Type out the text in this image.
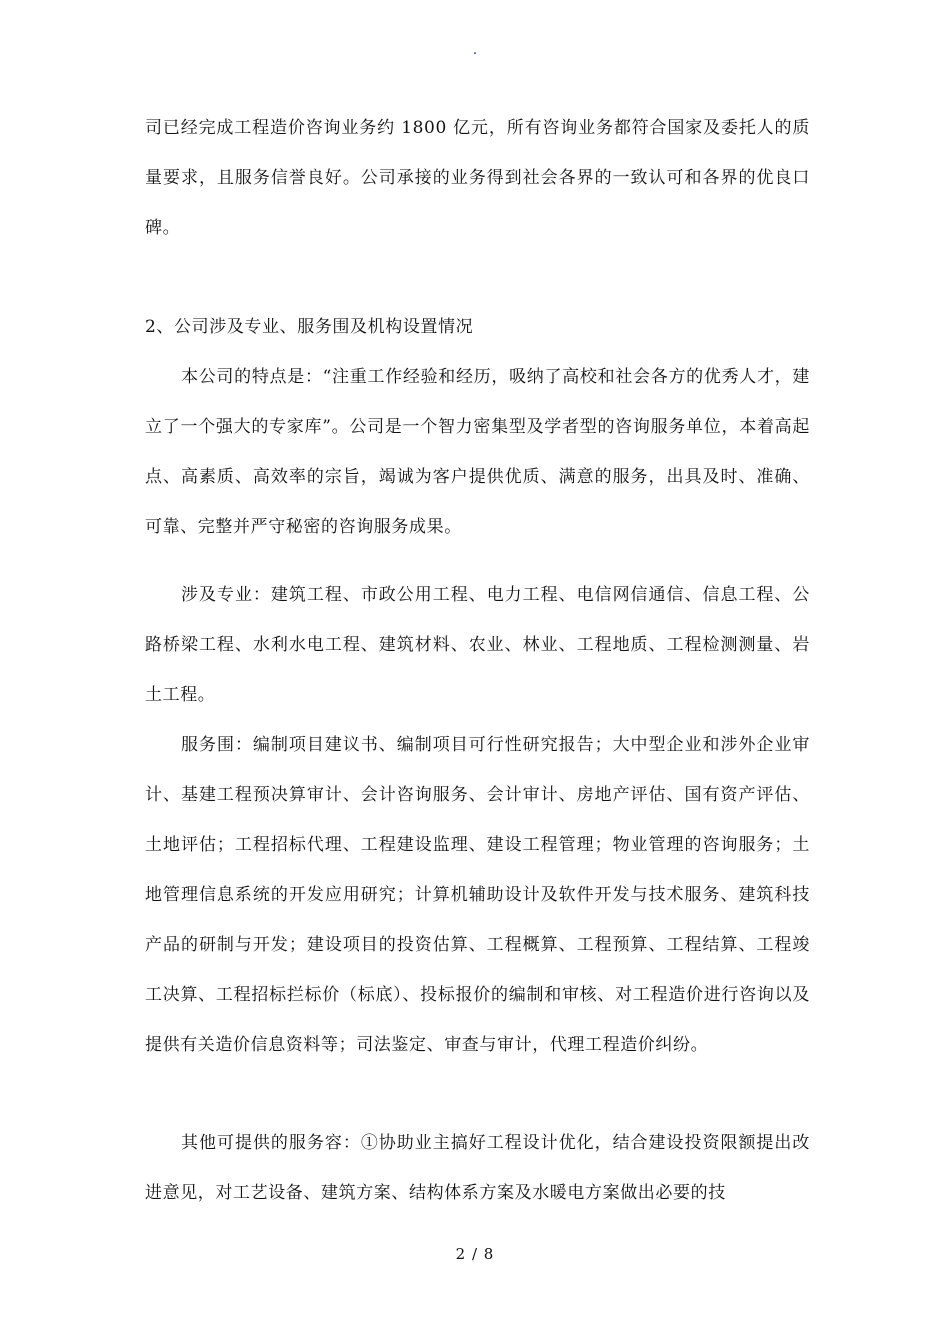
.

司已经完成工程造价咨询业务约 1800 亿元，所有咨询业务都符合国家及委托人的质量要求，且服务信誉良好。公司承接的业务得到社会各界的一致认可和各界的优良口碑。

2、公司涉及专业、服务围及机构设置情况

本公司的特点是：“注重工作经验和经历，吸纳了高校和社会各方的优秀人才，建立了一个强大的专家库”。公司是一个智力密集型及学者型的咨询服务单位，本着高起点、高素质、高效率的宗旨，竭诚为客户提供优质、满意的服务，出具及时、准确、可靠、完整并严守秘密的咨询服务成果。

涉及专业：建筑工程、市政公用工程、电力工程、电信网信通信、信息工程、公路桥梁工程、水利水电工程、建筑材料、农业、林业、工程地质、工程检测测量、岩土工程。

服务围：编制项目建议书、编制项目可行性研究报告；大中型企业和涉外企业审计、基建工程预决算审计、会计咨询服务、会计审计、房地产评估、国有资产评估、土地评估；工程招标代理、工程建设监理、建设工程管理；物业管理的咨询服务；土地管理信息系统的开发应用研究；计算机辅助设计及软件开发与技术服务、建筑科技产品的研制与开发；建设项目的投资估算、工程概算、工程预算、工程结算、工程竣工决算、工程招标拦标价（标底）、投标报价的编制和审核、对工程造价进行咨询以及提供有关造价信息资料等；司法鉴定、审查与审计，代理工程造价纠纷。

其他可提供的服务容：①协助业主搞好工程设计优化，结合建设投资限额提出改进意见，对工艺设备、建筑方案、结构体系方案及水暖电方案做出必要的技

2 / 8
